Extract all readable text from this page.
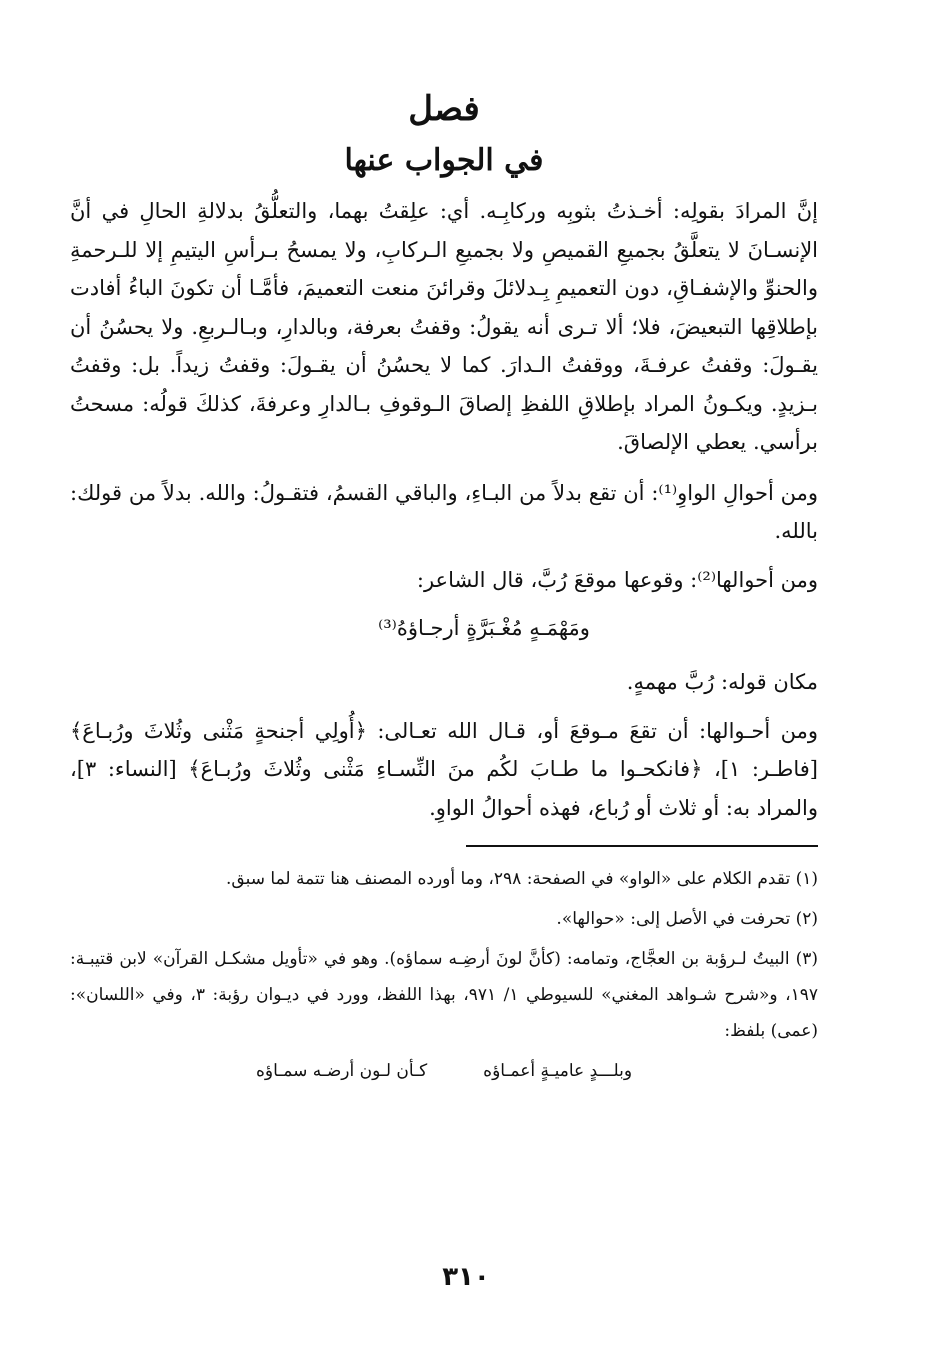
فصل
في الجواب عنها

إنَّ المرادَ بقولِه: أخـذتُ بثوبِه وركابِـه. أي: علِقتُ بهما، والتعلُّقُ بدلالةِ الحالِ في أنَّ الإنسـانَ لا يتعلَّقُ بجميعِ القميصِ ولا بجميعِ الـركابِ، ولا يمسحُ بـرأسِ اليتيمِ إلا للـرحمةِ والحنوِّ والإشفـاقِ، دون التعميمِ بِـدلائلَ وقرائنَ منعت التعميمَ، فأمَّـا أن تكونَ الباءُ أفادت بإطلاقِها التبعيضَ، فلا؛ ألا تـرى أنه يقولُ: وقفتُ بعرفة، وبالدارِ، وبـالـربعِ. ولا يحسُنُ أن يقـولَ: وقفتُ عرفـةَ، ووقفتُ الـدارَ. كما لا يحسُنُ أن يقـولَ: وقفتُ زيداً. بل: وقفتُ بـزيدٍ. ويكـونُ المراد بإطلاقِ اللفظِ إلصاقَ الـوقوفِ بـالدارِ وعرفةَ، كذلكَ قولُه: مسحتُ برأسي. يعطي الإلصاقَ.

ومن أحوالِ الواوِ⁽¹⁾: أن تقع بدلاً من البـاءِ، والباقي القسمُ، فتقـولُ: والله. بدلاً من قولك: بالله.

ومن أحوالها⁽²⁾: وقوعها موقعَ رُبَّ، قال الشاعر:

ومَهْمَـهٍ مُغْـبَرَّةٍ أرجـاؤهُ⁽³⁾

مكان قوله: رُبَّ مهمهٍ.

ومن أحـوالها: أن تقعَ مـوقعَ أو، قـال الله تعـالى: ﴿أُولِي أجنحةٍ مَثْنى وثُلاثَ ورُبـاعَ﴾ [فاطـر: ١]، ﴿فانكحـوا ما طـابَ لكُم منَ النِّسـاءِ مَثْنى وثُلاثَ ورُبـاعَ﴾ [النساء: ٣]، والمراد به: أو ثلاث أو رُباع، فهذه أحوالُ الواوِ.

(١) تقدم الكلام على «الواو» في الصفحة: ٢٩٨، وما أورده المصنف هنا تتمة لما سبق.

(٢) تحرفت في الأصل إلى: «حوالها».

(٣) البيتُ لـرؤبة بن العجَّاج، وتمامه: (كأنَّ لونَ أرضِـه سماؤه). وهو في «تأويل مشكـل القرآن» لابن قتيبـة: ١٩٧، و«شرح شـواهد المغني» للسيوطي ١/ ٩٧١، بهذا اللفظ، وورد في ديـوان رؤبة: ٣، وفي «اللسان»: (عمى) بلفظ:

وبلـــدٍ عاميـةٍ أعمـاؤه
كـأن لـون أرضـه سمـاؤه
٣١٠
